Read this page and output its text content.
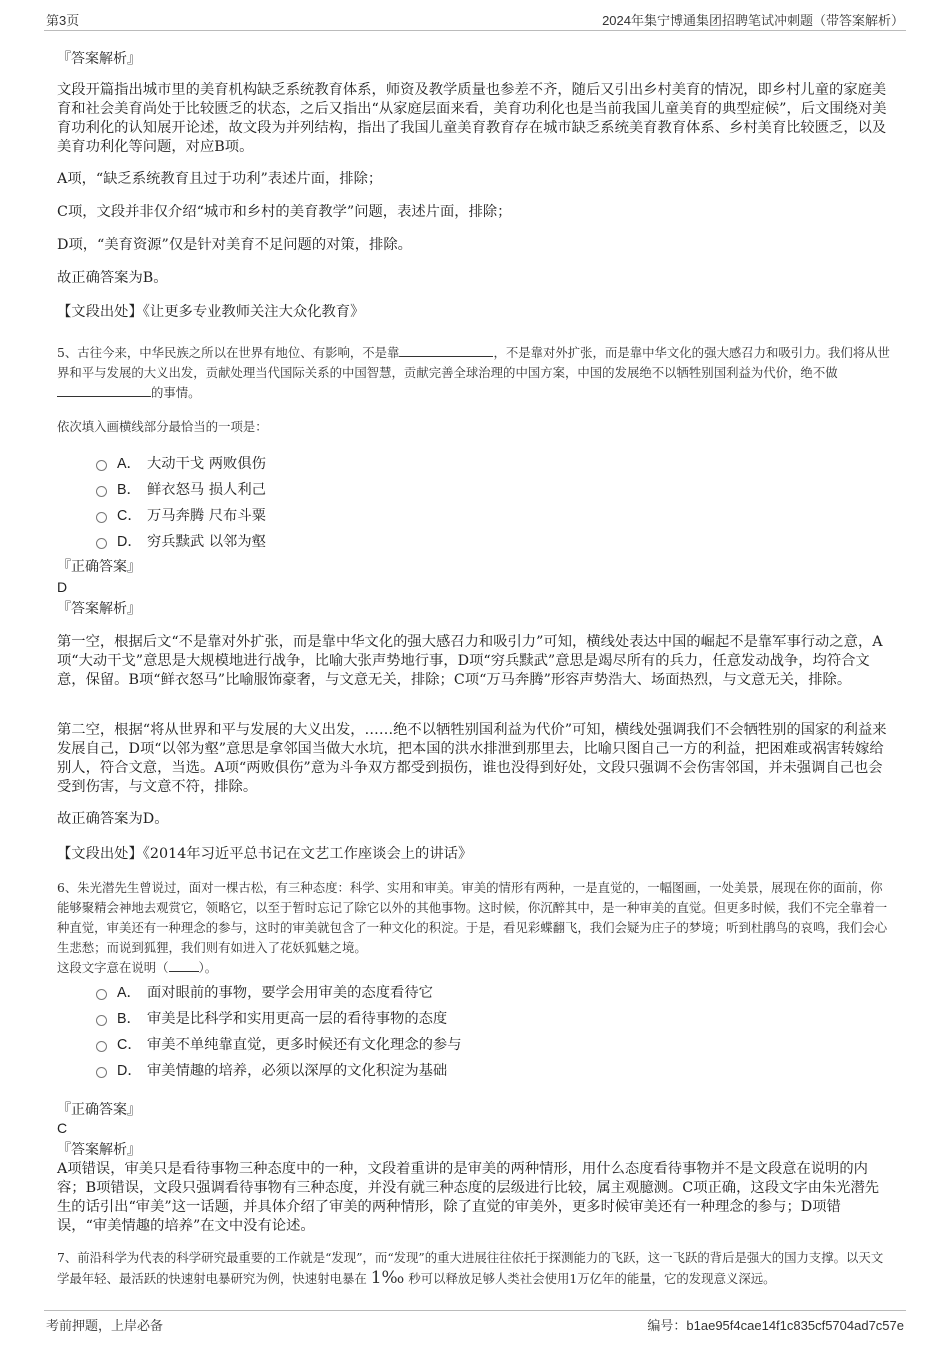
第3页	2024年集宁博通集团招聘笔试冲刺题（带答案解析）
『答案解析』

文段开篇指出城市里的美育机构缺乏系统教育体系，师资及教学质量也参差不齐，随后又引出乡村美育的情况，即乡村儿童的家庭美育和社会美育尚处于比较匮乏的状态，之后又指出“从家庭层面来看，美育功利化也是当前我国儿童美育的典型症候”，后文围绕对美育功利化的认知展开论述，故文段为并列结构，指出了我国儿童美育教育存在城市缺乏系统美育教育体系、乡村美育比较匮乏，以及美育功利化等问题，对应B项。

A项，“缺乏系统教育且过于功利”表述片面，排除；

C项，文段并非仅介绍“城市和乡村的美育教学”问题，表述片面，排除；

D项，“美育资源”仅是针对美育不足问题的对策，排除。

故正确答案为B。

【文段出处】《让更多专业教师关注大众化教育》

5、古往今来，中华民族之所以在世界有地位、有影响，不是靠	，不是靠对外扩张，而是靠中华文化的强大感召力和吸引力。我们将从世界和平与发展的大义出发，贡献处理当代国际关系的中国智慧，贡献完善全球治理的中国方案，中国的发展绝不以牺牲别国利益为代价，绝不做的事情。

依次填入画横线部分最恰当的一项是：

A． 大动干戈 两败俱伤
B． 鲜衣怒马 损人利己
C． 万马奔腾 尺布斗粟
D． 穷兵黩武 以邻为壑
『正确答案』
D
『答案解析』

第一空，根据后文“不是靠对外扩张，而是靠中华文化的强大感召力和吸引力”可知，横线处表达中国的崛起不是靠军事行动之意，A项“大动干戈”意思是大规模地进行战争，比喻大张声势地行事，D项“穷兵黩武”意思是竭尽所有的兵力，任意发动战争，均符合文意，保留。B项“鲜衣怒马”比喻服饰豪奢，与文意无关，排除；C项“万马奔腾”形容声势浩大、场面热烈，与文意无关，排除。

第二空，根据“将从世界和平与发展的大义出发，……绝不以牺牲别国利益为代价”可知，横线处强调我们不会牺牲别的国家的利益来发展自己，D项“以邻为壑”意思是拿邻国当做大水坑，把本国的洪水排泄到那里去，比喻只图自己一方的利益，把困难或祸害转嫁给别人，符合文意，当选。A项“两败俱伤”意为斗争双方都受到损伤，谁也没得到好处，文段只强调不会伤害邻国，并未强调自己也会受到伤害，与文意不符，排除。

故正确答案为D。

【文段出处】《2014年习近平总书记在文艺工作座谈会上的讲话》

6、朱光潜先生曾说过，面对一棵古松，有三种态度：科学、实用和审美。审美的情形有两种，一是直觉的，一幅图画，一处美景，展现在你的面前，你能够聚精会神地去观赏它，领略它，以至于暂时忘记了除它以外的其他事物。这时候，你沉醉其中，是一种审美的直觉。但更多时候，我们不完全靠着一种直觉，审美还有一种理念的参与，这时的审美就包含了一种文化的积淀。于是，看见彩蝶翻飞，我们会疑为庄子的梦境；听到杜鹃鸟的哀鸣，我们会心生悲愁；而说到狐狸，我们则有如进入了花妖狐魅之境。

这段文字意在说明（ ）。

A． 面对眼前的事物，要学会用审美的态度看待它
B． 审美是比科学和实用更高一层的看待事物的态度
C． 审美不单纯靠直觉，更多时候还有文化理念的参与
D． 审美情趣的培养，必须以深厚的文化积淀为基础
『正确答案』
C
『答案解析』

A项错误，审美只是看待事物三种态度中的一种，文段着重讲的是审美的两种情形，用什么态度看待事物并不是文段意在说明的内容；B项错误，文段只强调看待事物有三种态度，并没有就三种态度的层级进行比较，属主观臆测。C项正确，这段文字由朱光潜先生的话引出“审美”这一话题，并具体介绍了审美的两种情形，除了直觉的审美外，更多时候审美还有一种理念的参与；D项错误，“审美情趣的培养”在文中没有论述。

7、前沿科学为代表的科学研究最重要的工作就是“发现”，而“发现”的重大进展往往依托于探测能力的飞跃，这一飞跃的背后是强大的国力支撑。以天文学最年轻、最活跃的快速射电暴研究为例，快速射电暴在 1‰ 秒可以释放足够人类社会使用1万亿年的能量，它的发现意义深远。

考前押题，上岸必备	编号：b1ae95f4cae14f1c835cf5704ad7c57e
